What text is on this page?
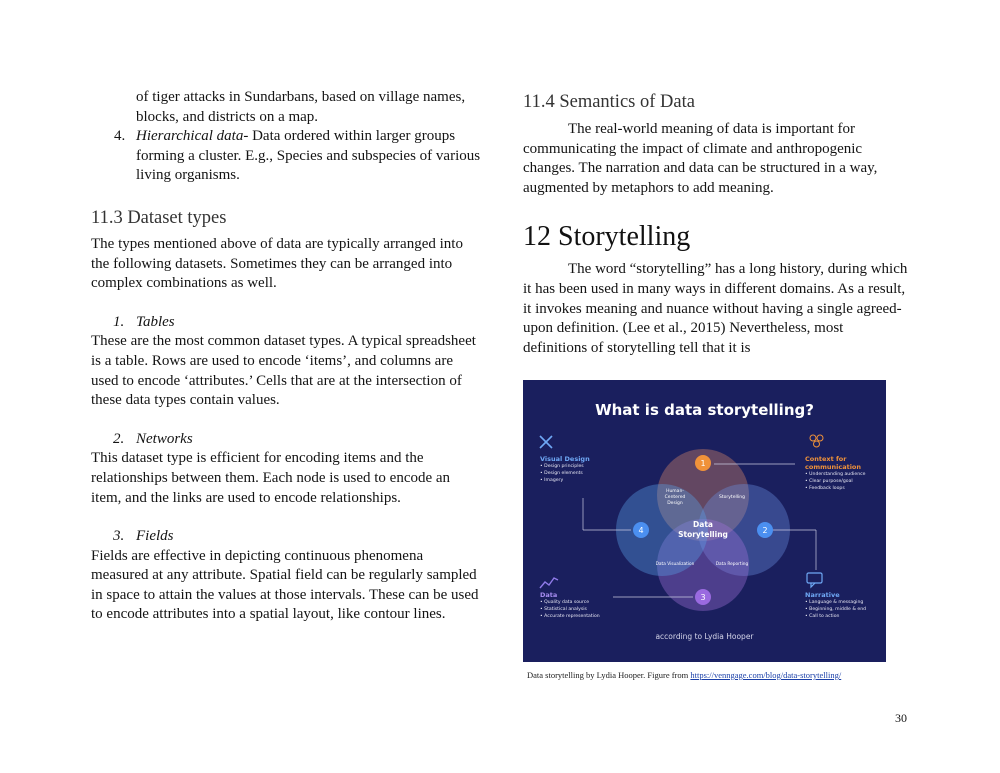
of tiger attacks in Sundarbans, based on village names,
blocks, and districts on a map.

4. Hierarchical data- Data ordered within larger groups forming a cluster. E.g., Species and subspecies of various living organisms.
11.3 Dataset types

The types mentioned above of data are typically arranged into the following datasets. Sometimes they can be arranged into complex combinations as well.

1. Tables

These are the most common dataset types. A typical spreadsheet is a table. Rows are used to encode ‘items’, and columns are used to encode ‘attributes.’ Cells that are at the intersection of these data types contain values.

2. Networks

This dataset type is efficient for encoding items and the relationships between them. Each node is used to encode an item, and the links are used to encode relationships.

3. Fields

Fields are effective in depicting continuous phenomena measured at any attribute. Spatial field can be regularly sampled in space to attain the values at those intervals. These can be used to encode attributes into a spatial layout, like contour lines.

11.4 Semantics of Data

The real-world meaning of data is important for communicating the impact of climate and anthropogenic changes. The narration and data can be structured in a way, augmented by metaphors to add meaning.

12 Storytelling

The word “storytelling” has a long history, during which it has been used in many ways in different domains. As a result, it invokes meaning and nuance without having a single agreed-upon definition. (Lee et al., 2015) Nevertheless, most definitions of storytelling tell that it is

What is data storytelling?
1
2
3
4
Human-
Centered
Design
Storytelling
Data Visualization	Data Reporting
Data
Storytelling
Visual Design
• Design principles
• Design elements
• Imagery
Context for communication
• Understanding audience
• Clear purpose/goal
• Feedback loops
Data
• Quality data source
• Statistical analysis
• Accurate representation
Narrative
• Language & messaging
• Beginning, middle & end
• Call to action
according to Lydia Hooper
Data storytelling by Lydia Hooper. Figure from https://venngage.com/blog/data-storytelling/
30
